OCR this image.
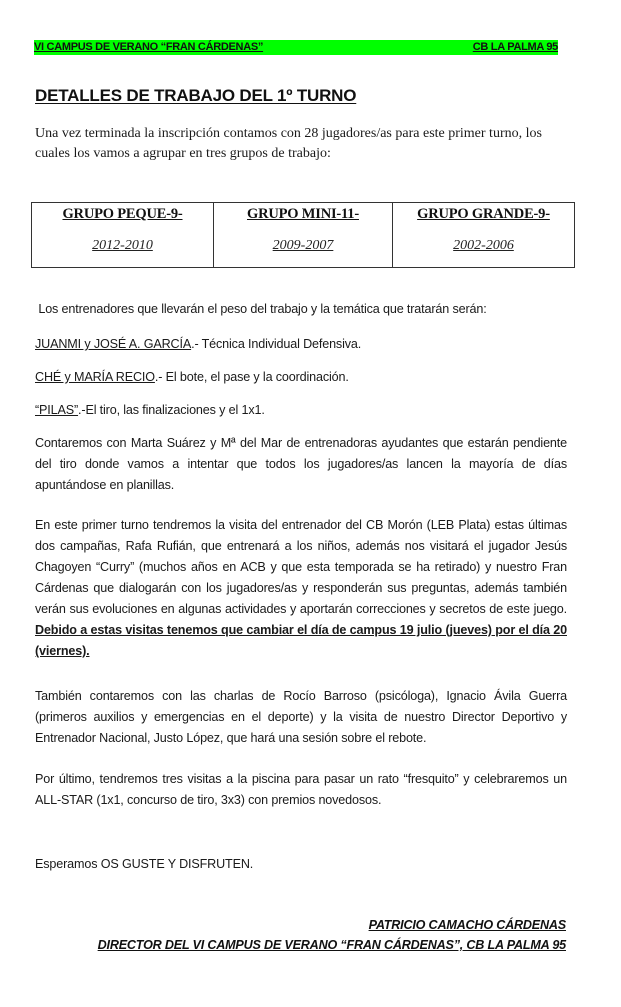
VI CAMPUS DE VERANO “FRAN CÁRDENAS”	CB LA PALMA 95
DETALLES DE TRABAJO DEL 1º TURNO
Una vez terminada la inscripción contamos con 28 jugadores/as para este primer turno, los cuales los vamos a agrupar en tres grupos de trabajo:
GRUPO PEQUE-9-
2012-2010

GRUPO MINI-11-
2009-2007

GRUPO GRANDE-9-
2002-2006
Los entrenadores que llevarán el peso del trabajo y la temática que tratarán serán:
JUANMI y JOSÉ A. GARCÍA.- Técnica Individual Defensiva.
CHÉ y MARÍA RECIO.- El bote, el pase y la coordinación.
“PILAS”.-El tiro, las finalizaciones y el 1x1.
Contaremos con Marta Suárez y Mª del Mar de entrenadoras ayudantes que estarán pendiente del tiro donde vamos a intentar que todos los jugadores/as lancen la mayoría de días apuntándose en planillas.
En este primer turno tendremos la visita del entrenador del CB Morón (LEB Plata) estas últimas dos campañas, Rafa Rufián, que entrenará a los niños, además nos visitará el jugador Jesús Chagoyen “Curry” (muchos años en ACB y que esta temporada se ha retirado) y nuestro Fran Cárdenas que dialogarán con los jugadores/as y responderán sus preguntas, además también verán sus evoluciones en algunas actividades y aportarán correcciones y secretos de este juego. Debido a estas visitas tenemos que cambiar el día de campus 19 julio (jueves) por el día 20 (viernes).
También contaremos con las charlas de Rocío Barroso (psicóloga), Ignacio Ávila Guerra (primeros auxilios y emergencias en el deporte) y la visita de nuestro Director Deportivo y Entrenador Nacional, Justo López, que hará una sesión sobre el rebote.
Por último, tendremos tres visitas a la piscina para pasar un rato “fresquito” y celebraremos un ALL-STAR (1x1, concurso de tiro, 3x3) con premios novedosos.
Esperamos OS GUSTE Y DISFRUTEN.
PATRICIO CAMACHO CÁRDENAS
DIRECTOR DEL VI CAMPUS DE VERANO “FRAN CÁRDENAS”, CB LA PALMA 95
